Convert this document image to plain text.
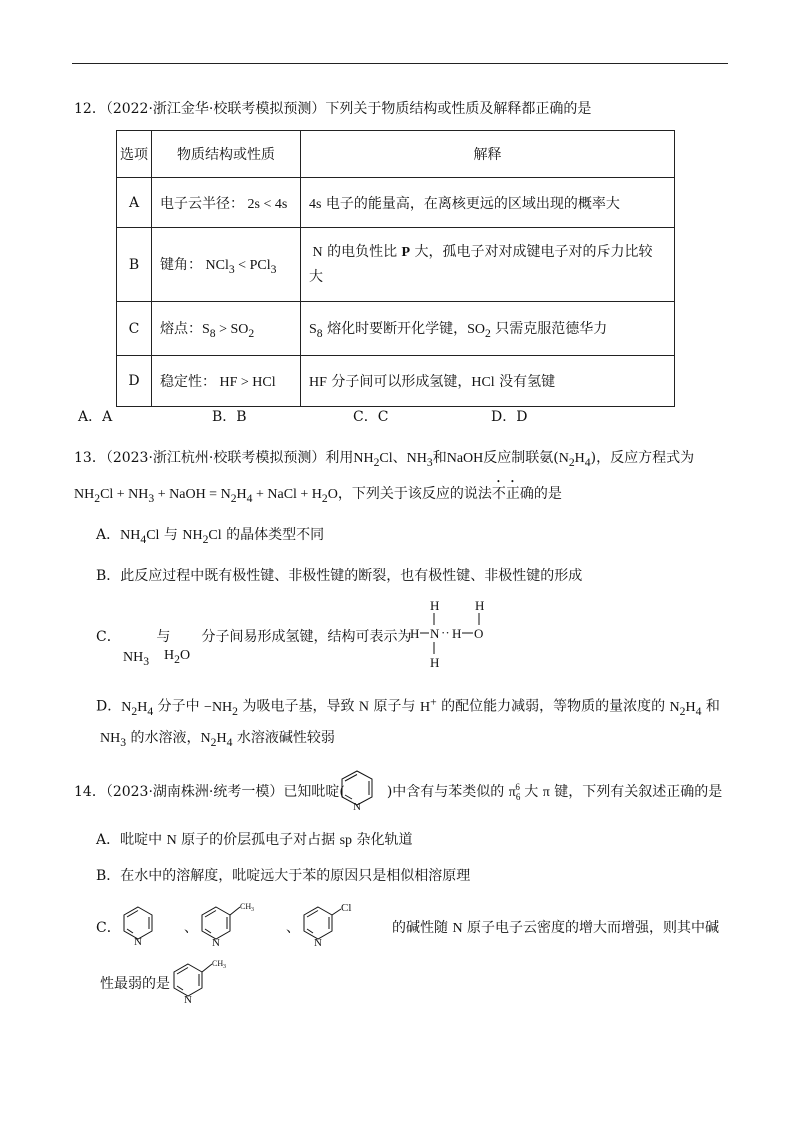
12．（2022·浙江金华·校联考模拟预测）下列关于物质结构或性质及解释都正确的是
选项	物质结构或性质	解释
A	电子云半径： 2s < 4s	4s 电子的能量高，在离核更远的区域出现的概率大
B	键角： NCl$_3$ < PCl$_3$	N 的电负性比 P 大，孤电子对对成键电子对的斥力比较
大
C	熔点：$S_8 > SO_2$	$S_8$ 熔化时要断开化学键，$SO_2$ 只需克服范德华力
D	稳定性： HF > HCl	HF 分子间可以形成氢键，HCl 没有氢键
A．A	B．B	C．C	D．D
13．（2023·浙江杭州·校联考模拟预测）利用$NH_2Cl$、$NH_3$和NaOH反应制联氨$(N_2H_4)$，反应方程式为
$NH_2Cl + NH_3$ + NaOH = $N_2H_4$ + NaCl + $H_2O$，下列关于该反应的说法不正确的是
A．$NH_4Cl$ 与 $NH_2Cl$ 的晶体类型不同
B．此反应过程中既有极性键、非极性键的断裂，也有极性键、非极性键的形成
C．        与       分子间易形成氢键，结构可表示为
$NH_3$ $H_2O$
H
H N ·· H O
H
H
D．$N_2H_4$ 分子中 $-NH_2$ 为吸电子基，导致 N 原子与 H+ 的配位能力减弱，等物质的量浓度的 $N_2H_4$ 和
$NH_3$ 的水溶液，$N_2H_4$ 水溶液碱性较弱
14．（2023·湖南株洲·统考一模）已知吡啶(	)中含有与苯类似的 $\pi_6^6$ 大 π 键，下列有关叙述正确的是
N
A．吡啶中 N 原子的价层孤电子对占据 sp 杂化轨道
B．在水中的溶解度，吡啶远大于苯的原因只是相似相溶原理
C．
N
、
CH 3
N
、
Cl
N
的碱性随 N 原子电子云密度的增大而增强，则其中碱
性最弱的是
CH 3
N
